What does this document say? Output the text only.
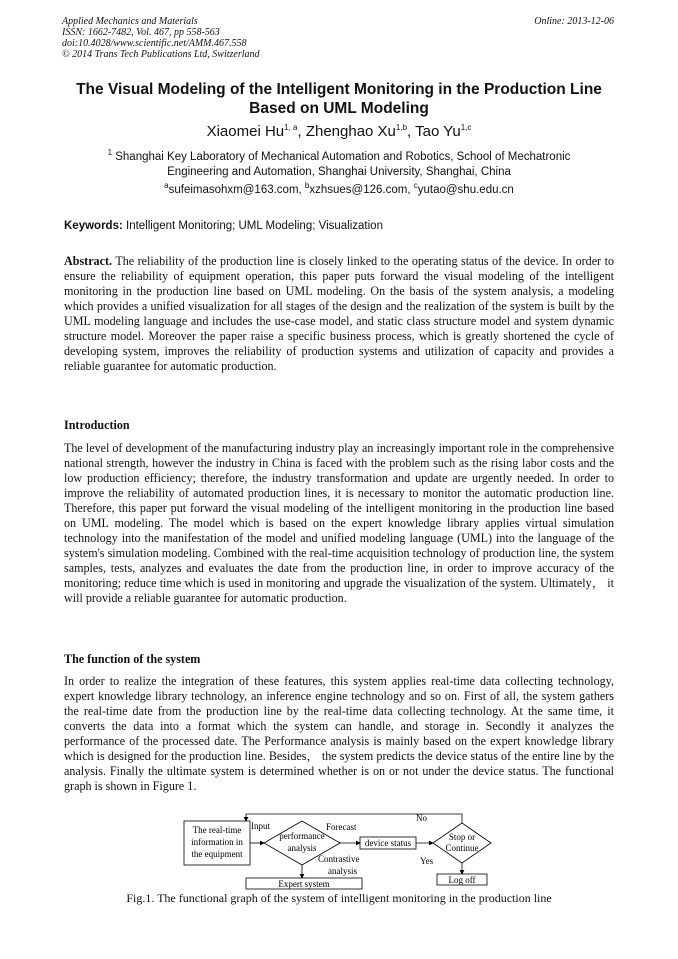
Applied Mechanics and Materials
ISSN: 1662-7482, Vol. 467, pp 558-563
doi:10.4028/www.scientific.net/AMM.467.558
© 2014 Trans Tech Publications Ltd, Switzerland
Online: 2013-12-06
The Visual Modeling of the Intelligent Monitoring in the Production Line
Based on UML Modeling
Xiaomei Hu$^{1, a}$, Zhenghao Xu$^{1,b}$, Tao Yu$^{1,c}$
$^1$ Shanghai Key Laboratory of Mechanical Automation and Robotics, School of Mechatronic
Engineering and Automation, Shanghai University, Shanghai, China
$^a$sufeimasohxm@163.com, $^b$xzhsues@126.com, $^c$yutao@shu.edu.cn
Keywords: Intelligent Monitoring; UML Modeling; Visualization
Abstract. The reliability of the production line is closely linked to the operating status of the device. In order to ensure the reliability of equipment operation, this paper puts forward the visual modeling of the intelligent monitoring in the production line based on UML modeling. On the basis of the system analysis, a modeling which provides a unified visualization for all stages of the design and the realization of the system is built by the UML modeling language and includes the use-case model, and static class structure model and system dynamic structure model. Moreover the paper raise a specific business process, which is greatly shortened the cycle of developing system, improves the reliability of production systems and utilization of capacity and provides a reliable guarantee for automatic production.
Introduction
The level of development of the manufacturing industry play an increasingly important role in the comprehensive national strength, however the industry in China is faced with the problem such as the rising labor costs and the low production efficiency; therefore, the industry transformation and update are urgently needed. In order to improve the reliability of automated production lines, it is necessary to monitor the automatic production line. Therefore, this paper put forward the visual modeling of the intelligent monitoring in the production line based on UML modeling. The model which is based on the expert knowledge library applies virtual simulation technology into the manifestation of the model and unified modeling language (UML) into the language of the system's simulation modeling. Combined with the real-time acquisition technology of production line, the system samples, tests, analyzes and evaluates the date from the production line, in order to improve accuracy of the monitoring; reduce time which is used in monitoring and upgrade the visualization of the system. Ultimately， it will provide a reliable guarantee for automatic production.
The function of the system
In order to realize the integration of these features, this system applies real-time data collecting technology, expert knowledge library technology, an inference engine technology and so on. First of all, the system gathers the real-time date from the production line by the real-time data collecting technology. At the same time, it converts the data into a format which the system can handle, and storage in. Secondly it analyzes the performance of the processed date. The Performance analysis is mainly based on the expert knowledge library which is designed for the production line. Besides， the system predicts the device status of the entire line by the analysis. Finally the ultimate system is determined whether is on or not under the device status. The functional graph is shown in Figure 1.
The real-time
information in
the equipment
Input
performance
analysis
Forecast
device status
Stop or
Continue
No
Yes
Log off
Contrastive
analysis
Expert system
Fig.1. The functional graph of the system of intelligent monitoring in the production line
